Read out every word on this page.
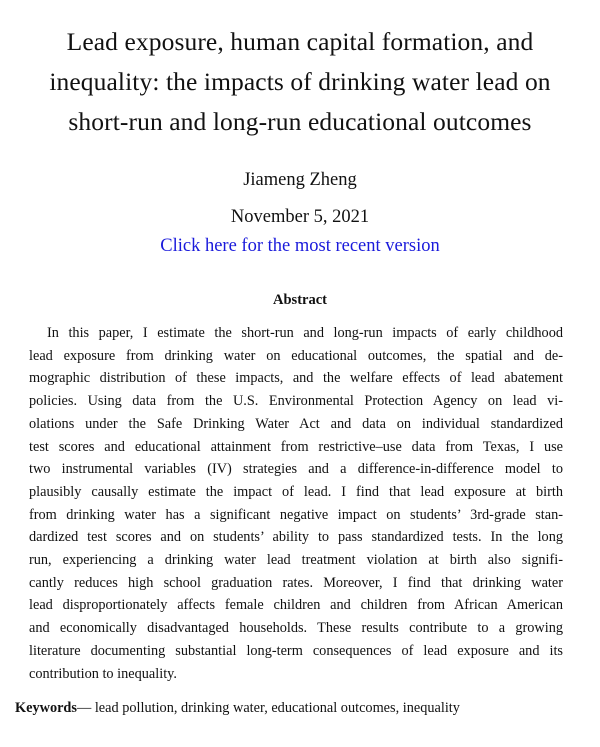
Lead exposure, human capital formation, and
inequality: the impacts of drinking water lead on
short-run and long-run educational outcomes
Jiameng Zheng
November 5, 2021
Click here for the most recent version
Abstract
In this paper, I estimate the short-run and long-run impacts of early childhood
lead exposure from drinking water on educational outcomes, the spatial and de-
mographic distribution of these impacts, and the welfare effects of lead abatement
policies. Using data from the U.S. Environmental Protection Agency on lead vi-
olations under the Safe Drinking Water Act and data on individual standardized
test scores and educational attainment from restrictive–use data from Texas, I use
two instrumental variables (IV) strategies and a difference-in-difference model to
plausibly causally estimate the impact of lead. I find that lead exposure at birth
from drinking water has a significant negative impact on students’ 3rd-grade stan-
dardized test scores and on students’ ability to pass standardized tests. In the long
run, experiencing a drinking water lead treatment violation at birth also signifi-
cantly reduces high school graduation rates. Moreover, I find that drinking water
lead disproportionately affects female children and children from African American
and economically disadvantaged households. These results contribute to a growing
literature documenting substantial long-term consequences of lead exposure and its
contribution to inequality.
Keywords— lead pollution, drinking water, educational outcomes, inequality
